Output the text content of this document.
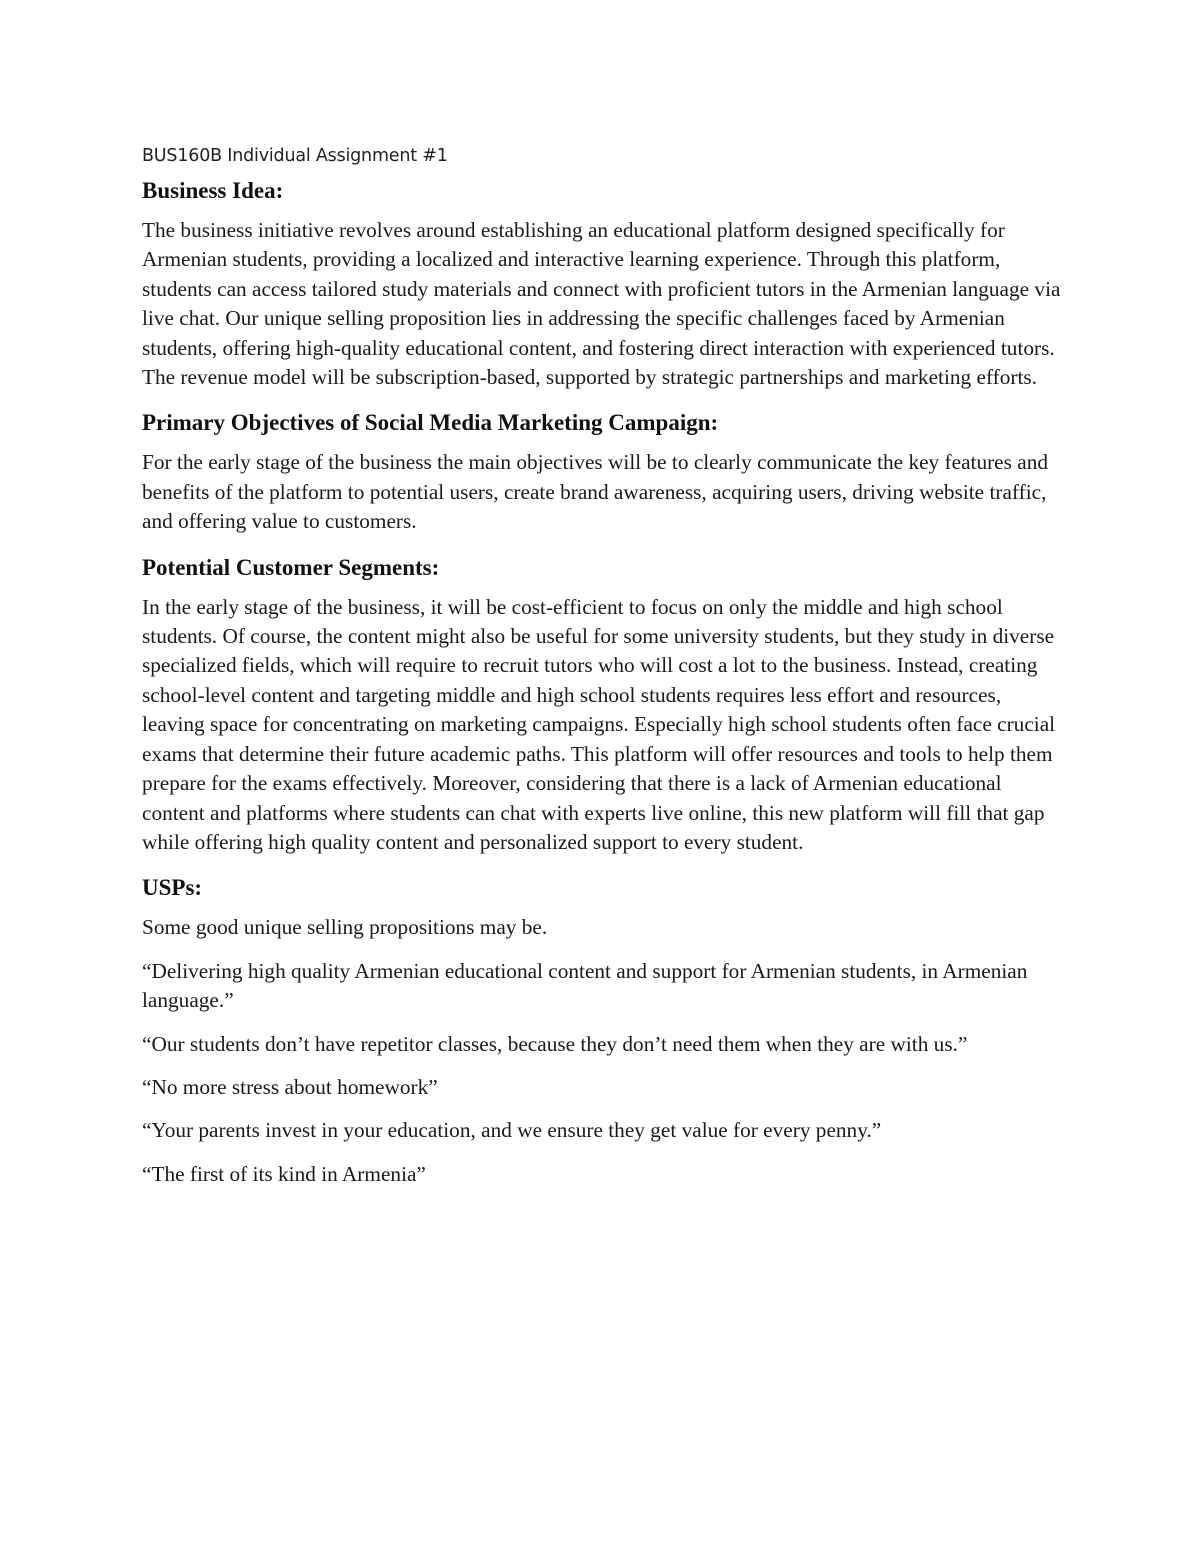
BUS160B Individual Assignment #1
Business Idea:

The business initiative revolves around establishing an educational platform designed specifically for Armenian students, providing a localized and interactive learning experience. Through this platform, students can access tailored study materials and connect with proficient tutors in the Armenian language via live chat. Our unique selling proposition lies in addressing the specific challenges faced by Armenian students, offering high-quality educational content, and fostering direct interaction with experienced tutors. The revenue model will be subscription-based, supported by strategic partnerships and marketing efforts.

Primary Objectives of Social Media Marketing Campaign:

For the early stage of the business the main objectives will be to clearly communicate the key features and benefits of the platform to potential users, create brand awareness, acquiring users, driving website traffic, and offering value to customers.

Potential Customer Segments:

In the early stage of the business, it will be cost-efficient to focus on only the middle and high school students. Of course, the content might also be useful for some university students, but they study in diverse specialized fields, which will require to recruit tutors who will cost a lot to the business. Instead, creating school-level content and targeting middle and high school students requires less effort and resources, leaving space for concentrating on marketing campaigns. Especially high school students often face crucial exams that determine their future academic paths. This platform will offer resources and tools to help them prepare for the exams effectively. Moreover, considering that there is a lack of Armenian educational content and platforms where students can chat with experts live online, this new platform will fill that gap while offering high quality content and personalized support to every student.

USPs:

Some good unique selling propositions may be.

“Delivering high quality Armenian educational content and support for Armenian students, in Armenian language.”

“Our students don’t have repetitor classes, because they don’t need them when they are with us.”

“No more stress about homework”

“Your parents invest in your education, and we ensure they get value for every penny.”

“The first of its kind in Armenia”
